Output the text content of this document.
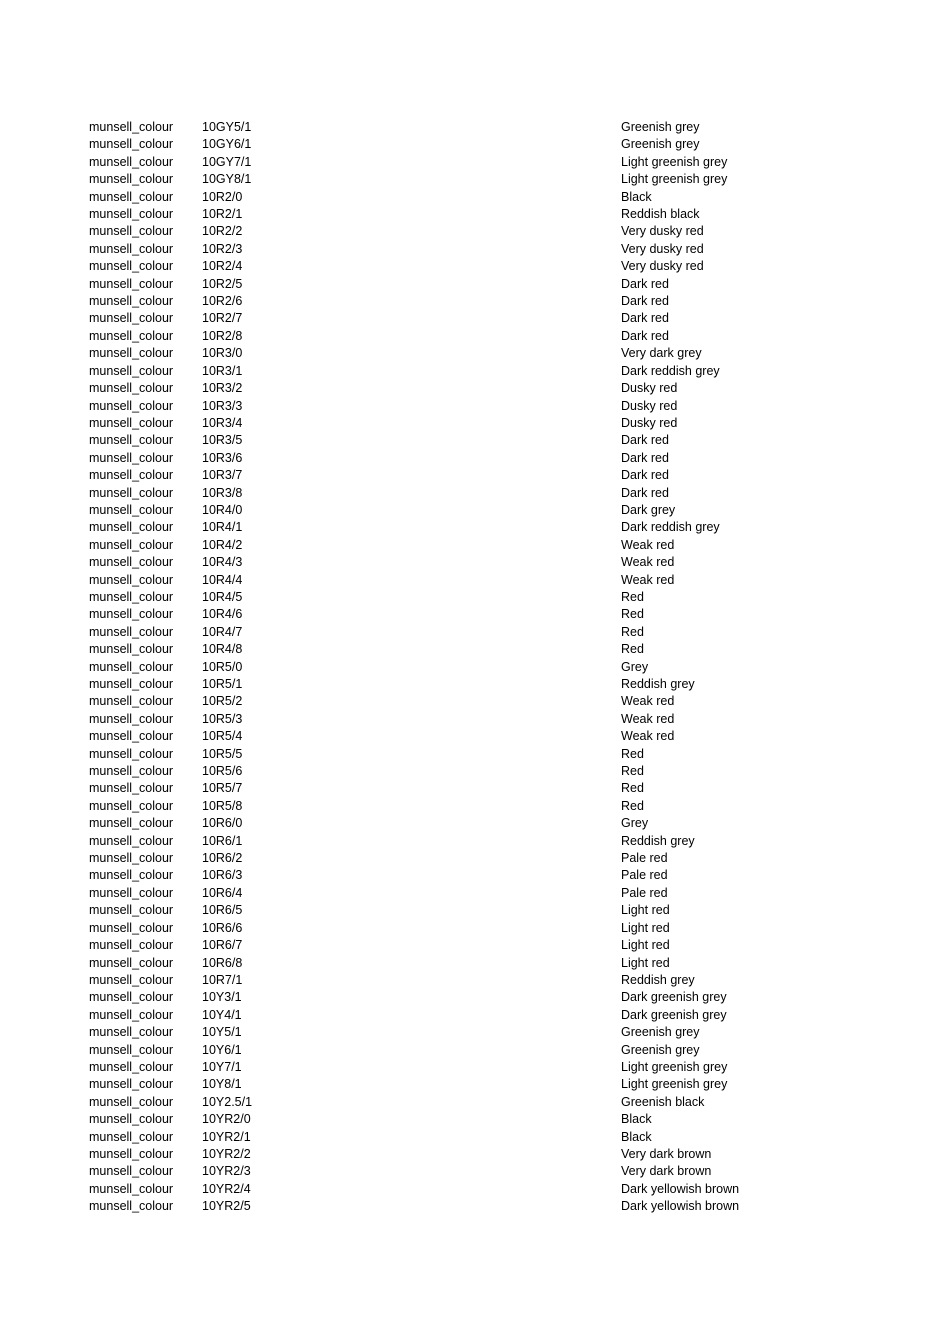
munsell_colour 10GY5/1	Greenish grey
munsell_colour 10GY6/1	Greenish grey
munsell_colour 10GY7/1	Light greenish grey
munsell_colour 10GY8/1	Light greenish grey
munsell_colour 10R2/0	Black
munsell_colour 10R2/1	Reddish black
munsell_colour 10R2/2	Very dusky red
munsell_colour 10R2/3	Very dusky red
munsell_colour 10R2/4	Very dusky red
munsell_colour 10R2/5	Dark red
munsell_colour 10R2/6	Dark red
munsell_colour 10R2/7	Dark red
munsell_colour 10R2/8	Dark red
munsell_colour 10R3/0	Very dark grey
munsell_colour 10R3/1	Dark reddish grey
munsell_colour 10R3/2	Dusky red
munsell_colour 10R3/3	Dusky red
munsell_colour 10R3/4	Dusky red
munsell_colour 10R3/5	Dark red
munsell_colour 10R3/6	Dark red
munsell_colour 10R3/7	Dark red
munsell_colour 10R3/8	Dark red
munsell_colour 10R4/0	Dark grey
munsell_colour 10R4/1	Dark reddish grey
munsell_colour 10R4/2	Weak red
munsell_colour 10R4/3	Weak red
munsell_colour 10R4/4	Weak red
munsell_colour 10R4/5	Red
munsell_colour 10R4/6	Red
munsell_colour 10R4/7	Red
munsell_colour 10R4/8	Red
munsell_colour 10R5/0	Grey
munsell_colour 10R5/1	Reddish grey
munsell_colour 10R5/2	Weak red
munsell_colour 10R5/3	Weak red
munsell_colour 10R5/4	Weak red
munsell_colour 10R5/5	Red
munsell_colour 10R5/6	Red
munsell_colour 10R5/7	Red
munsell_colour 10R5/8	Red
munsell_colour 10R6/0	Grey
munsell_colour 10R6/1	Reddish grey
munsell_colour 10R6/2	Pale red
munsell_colour 10R6/3	Pale red
munsell_colour 10R6/4	Pale red
munsell_colour 10R6/5	Light red
munsell_colour 10R6/6	Light red
munsell_colour 10R6/7	Light red
munsell_colour 10R6/8	Light red
munsell_colour 10R7/1	Reddish grey
munsell_colour 10Y3/1	Dark greenish grey
munsell_colour 10Y4/1	Dark greenish grey
munsell_colour 10Y5/1	Greenish grey
munsell_colour 10Y6/1	Greenish grey
munsell_colour 10Y7/1	Light greenish grey
munsell_colour 10Y8/1	Light greenish grey
munsell_colour 10Y2.5/1	Greenish black
munsell_colour 10YR2/0	Black
munsell_colour 10YR2/1	Black
munsell_colour 10YR2/2	Very dark brown
munsell_colour 10YR2/3	Very dark brown
munsell_colour 10YR2/4	Dark yellowish brown
munsell_colour 10YR2/5	Dark yellowish brown
